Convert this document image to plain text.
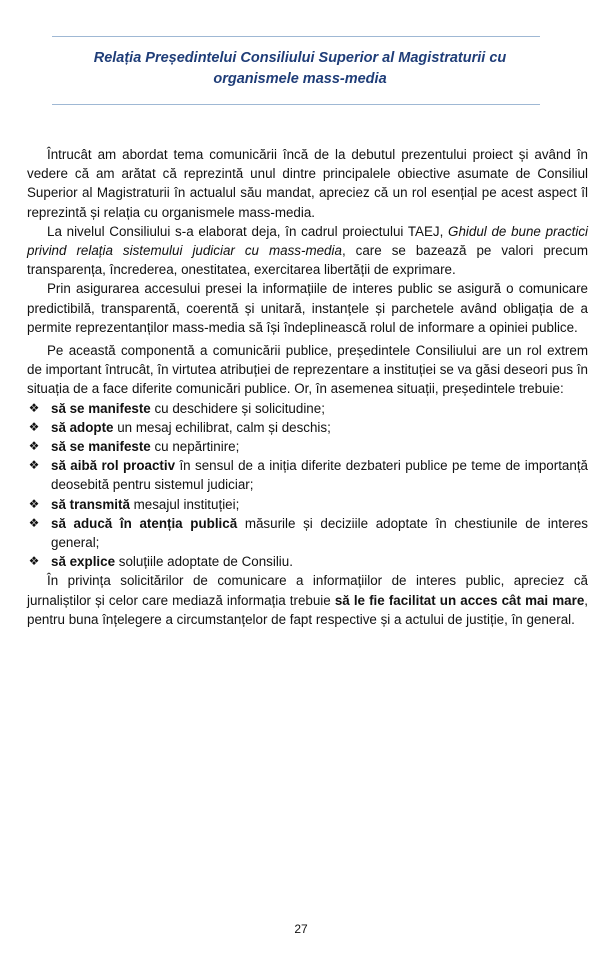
Relația Președintelui Consiliului Superior al Magistraturii cu
organismele mass-media

Întrucât am abordat tema comunicării încă de la debutul prezentului proiect și având în vedere că am arătat că reprezintă unul dintre principalele obiective asumate de Consiliul Superior al Magistraturii în actualul său mandat, apreciez că un rol esențial pe acest aspect îl reprezintă și relația cu organismele mass-media.

La nivelul Consiliului s-a elaborat deja, în cadrul proiectului TAEJ, Ghidul de bune practici privind relația sistemului judiciar cu mass-media, care se bazează pe valori precum transparența, încrederea, onestitatea, exercitarea libertății de exprimare.

Prin asigurarea accesului presei la informațiile de interes public se asigură o comunicare predictibilă, transparentă, coerentă și unitară, instanțele și parchetele având obligația de a permite reprezentanților mass-media să își îndeplinească rolul de informare a opiniei publice.

Pe această componentă a comunicării publice, președintele Consiliului are un rol extrem de important întrucât, în virtutea atribuției de reprezentare a instituției se va găsi deseori pus în situația de a face diferite comunicări publice. Or, în asemenea situații, președintele trebuie:

❖ să se manifeste cu deschidere și solicitudine;
❖ să adopte un mesaj echilibrat, calm și deschis;
❖ să se manifeste cu nepărtinire;
❖ să aibă rol proactiv în sensul de a iniția diferite dezbateri publice pe teme de importanță deosebită pentru sistemul judiciar;
❖ să transmită mesajul instituției;
❖ să aducă în atenția publică măsurile și deciziile adoptate în chestiunile de interes general;
❖ să explice soluțiile adoptate de Consiliu.

În privința solicitărilor de comunicare a informațiilor de interes public, apreciez că jurnaliștilor și celor care mediază informația trebuie să le fie facilitat un acces cât mai mare, pentru buna înțelegere a circumstanțelor de fapt respective și a actului de justiție, în general.

27
